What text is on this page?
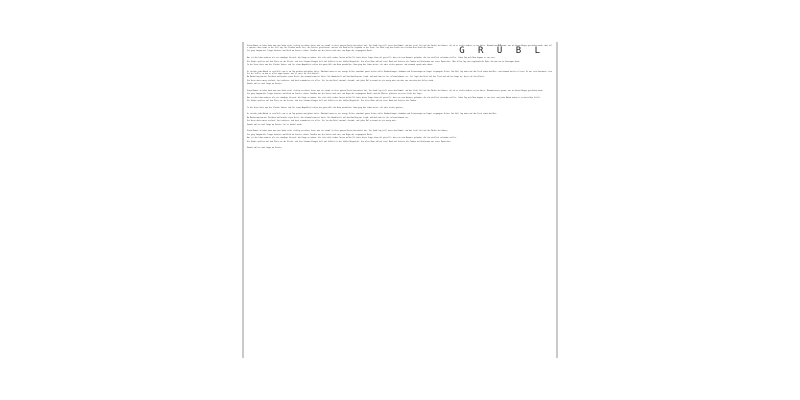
G R Ü B L

Einen Moment im Leben kann man eine Sache nicht richtig verstehen, bevor man sie einmal in ihrer ganzen Breite betrachtet hat. Die Stadt lag still unter dem Himmel, und das Licht fiel auf die Dächer der Häuser, als ob es nichts anderes zu tun hätte. Niemand wusste genau, was an diesem Morgen geschehen würde, aber alle spürten, dass etwas in der Luft lag. Die Straßen waren leer, die Fenster geschlossen, und nur ein Hund bellte irgendwo in der Ferne. Der Wind trug den Geruch von frischem Brot durch die Gassen.

Sie ging langsam die Treppe hinunter und blieb am Fenster stehen. Draußen war der Garten noch nass vom Regen der vergangenen Nacht.

Was ist das Leben anderes als ein ständiger Versuch, die Dinge zu ordnen, die sich nicht ordnen lassen wollen? Er hatte diese Frage schon oft gestellt, aber nie eine Antwort gefunden, die ihn wirklich zufrieden stellte. Jeden Tag aufs Neue begann er von vorn.

Die Kinder spielten auf dem Platz vor der Kirche, und ihre Stimmen klangen hell und fröhlich in der kühlen Morgenluft. Ein alter Mann saß auf einer Bank und fütterte die Tauben mit Brotkrumen aus einer Papiertüte. Über allem lag eine eigentümliche Ruhe, die man nur an Sonntagen kennt.

In der Ferne hörte man die Glocken läuten, und für einen Augenblick schien die ganze Welt den Atem anzuhalten. Dann ging das Leben weiter, als wäre nichts gewesen, und niemand sprach mehr davon.

Er schrieb jeden Abend in sein Heft, was er am Tag gesehen und gehört hatte. Manchmal waren es nur wenige Zeilen, manchmal ganze Seiten voller Beobachtungen, Gedanken und Erinnerungen an längst vergangene Zeiten. Das Heft lag immer auf dem Tisch neben dem Bett, und niemand durfte es lesen. Es war sein Geheimnis, sein Ort der Stille, an dem er alles sagen konnte, was er sonst für sich behielt.

Am Nachmittag kam der Postbote und brachte einen Brief, den niemand erwartet hatte. Die Handschrift auf dem Umschlag war fremd, und doch kam sie ihr seltsam bekannt vor. Sie legte den Brief auf den Tisch und sah ihn lange an, bevor sie ihn öffnete.

Die Worte darin waren einfach, fast nüchtern, und doch veränderten sie alles. Sie las den Brief zweimal, dreimal, und jedes Mal verstand sie ein wenig mehr von dem, was zwischen den Zeilen stand.

Danach saß sie noch lange am Fenster.

Einen Moment im Leben kann man eine Sache nicht richtig verstehen, bevor man sie einmal in ihrer ganzen Breite betrachtet hat. Die Stadt lag still unter dem Himmel, und das Licht fiel auf die Dächer der Häuser, als ob es nichts anderes zu tun hätte. Niemand wusste genau, was an diesem Morgen geschehen würde.

Sie ging langsam die Treppe hinunter und blieb am Fenster stehen. Draußen war der Garten noch nass vom Regen der vergangenen Nacht, und die Blätter glänzten im ersten Licht des Tages.

Was ist das Leben anderes als ein ständiger Versuch, die Dinge zu ordnen, die sich nicht ordnen lassen wollen? Er hatte diese Frage schon oft gestellt, aber nie eine Antwort gefunden, die ihn wirklich zufrieden stellte. Jeden Tag aufs Neue begann er von vorn, und jeden Abend endete er an derselben Stelle.

Die Kinder spielten auf dem Platz vor der Kirche, und ihre Stimmen klangen hell und fröhlich in der kühlen Morgenluft. Ein alter Mann saß auf einer Bank und fütterte die Tauben.

In der Ferne hörte man die Glocken läuten, und für einen Augenblick schien die ganze Welt den Atem anzuhalten. Dann ging das Leben weiter, als wäre nichts gewesen.

Er schrieb jeden Abend in sein Heft, was er am Tag gesehen und gehört hatte. Manchmal waren es nur wenige Zeilen, manchmal ganze Seiten voller Beobachtungen, Gedanken und Erinnerungen an längst vergangene Zeiten. Das Heft lag immer auf dem Tisch neben dem Bett.

Am Nachmittag kam der Postbote und brachte einen Brief, den niemand erwartet hatte. Die Handschrift auf dem Umschlag war fremd, und doch kam sie ihr seltsam bekannt vor.

Die Worte darin waren einfach, fast nüchtern, und doch veränderten sie alles. Sie las den Brief zweimal, dreimal, und jedes Mal verstand sie ein wenig mehr.

Danach saß sie noch lange am Fenster, bis es dunkel wurde.

Einen Moment im Leben kann man eine Sache nicht richtig verstehen, bevor man sie einmal in ihrer ganzen Breite betrachtet hat. Die Stadt lag still unter dem Himmel, und das Licht fiel auf die Dächer der Häuser.

Sie ging langsam die Treppe hinunter und blieb am Fenster stehen. Draußen war der Garten noch nass vom Regen der vergangenen Nacht.

Was ist das Leben anderes als ein ständiger Versuch, die Dinge zu ordnen, die sich nicht ordnen lassen wollen? Er hatte diese Frage schon oft gestellt, aber nie eine Antwort gefunden, die ihn wirklich zufrieden stellte.

Die Kinder spielten auf dem Platz vor der Kirche, und ihre Stimmen klangen hell und fröhlich in der kühlen Morgenluft. Ein alter Mann saß auf einer Bank und fütterte die Tauben mit Brotkrumen aus einer Papiertüte.

Danach saß sie noch lange am Fenster.
